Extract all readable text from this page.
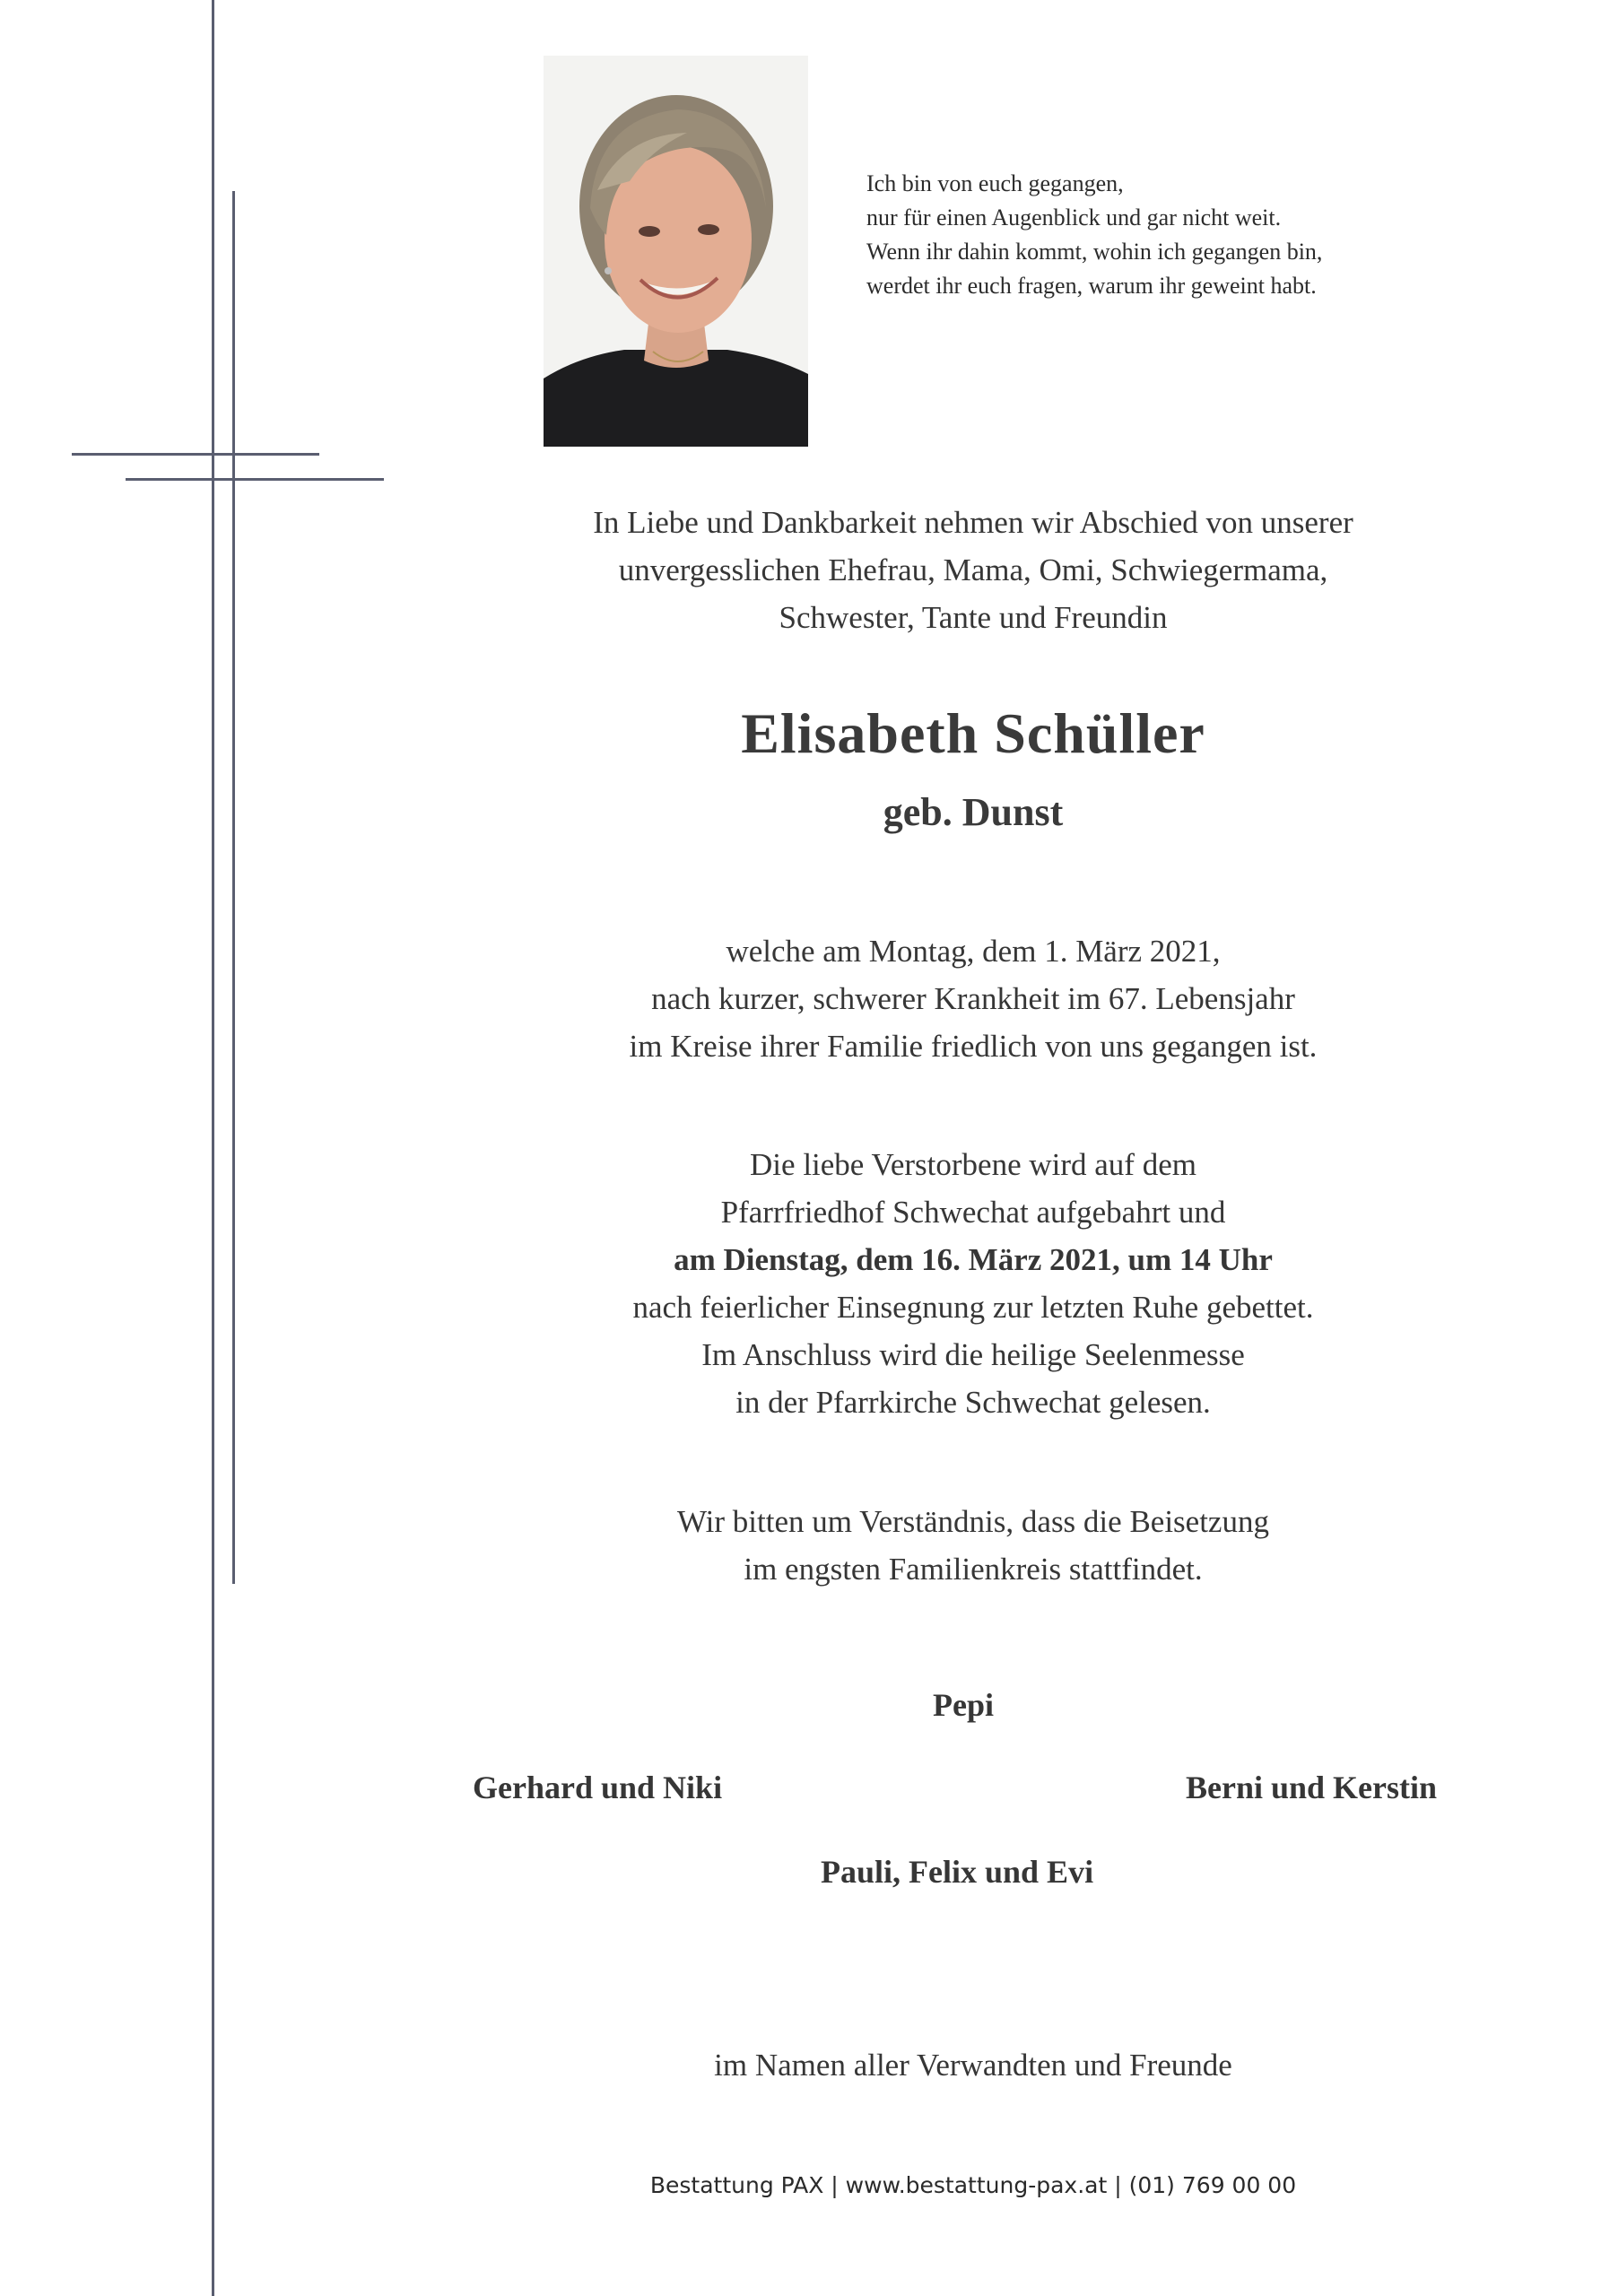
Ich bin von euch gegangen,
nur für einen Augenblick und gar nicht weit.
Wenn ihr dahin kommt, wohin ich gegangen bin,
werdet ihr euch fragen, warum ihr geweint habt.
In Liebe und Dankbarkeit nehmen wir Abschied von unserer
unvergesslichen Ehefrau, Mama, Omi, Schwiegermama,
Schwester, Tante und Freundin
Elisabeth Schüller
geb. Dunst
welche am Montag, dem 1. März 2021,
nach kurzer, schwerer Krankheit im 67. Lebensjahr
im Kreise ihrer Familie friedlich von uns gegangen ist.
Die liebe Verstorbene wird auf dem
Pfarrfriedhof Schwechat aufgebahrt und
am Dienstag, dem 16. März 2021, um 14 Uhr
nach feierlicher Einsegnung zur letzten Ruhe gebettet.
Im Anschluss wird die heilige Seelenmesse
in der Pfarrkirche Schwechat gelesen.
Wir bitten um Verständnis, dass die Beisetzung
im engsten Familienkreis stattfindet.
Pepi
Gerhard und Niki	Berni und Kerstin
Pauli, Felix und Evi
im Namen aller Verwandten und Freunde
Bestattung PAX | www.bestattung-pax.at | (01) 769 00 00
